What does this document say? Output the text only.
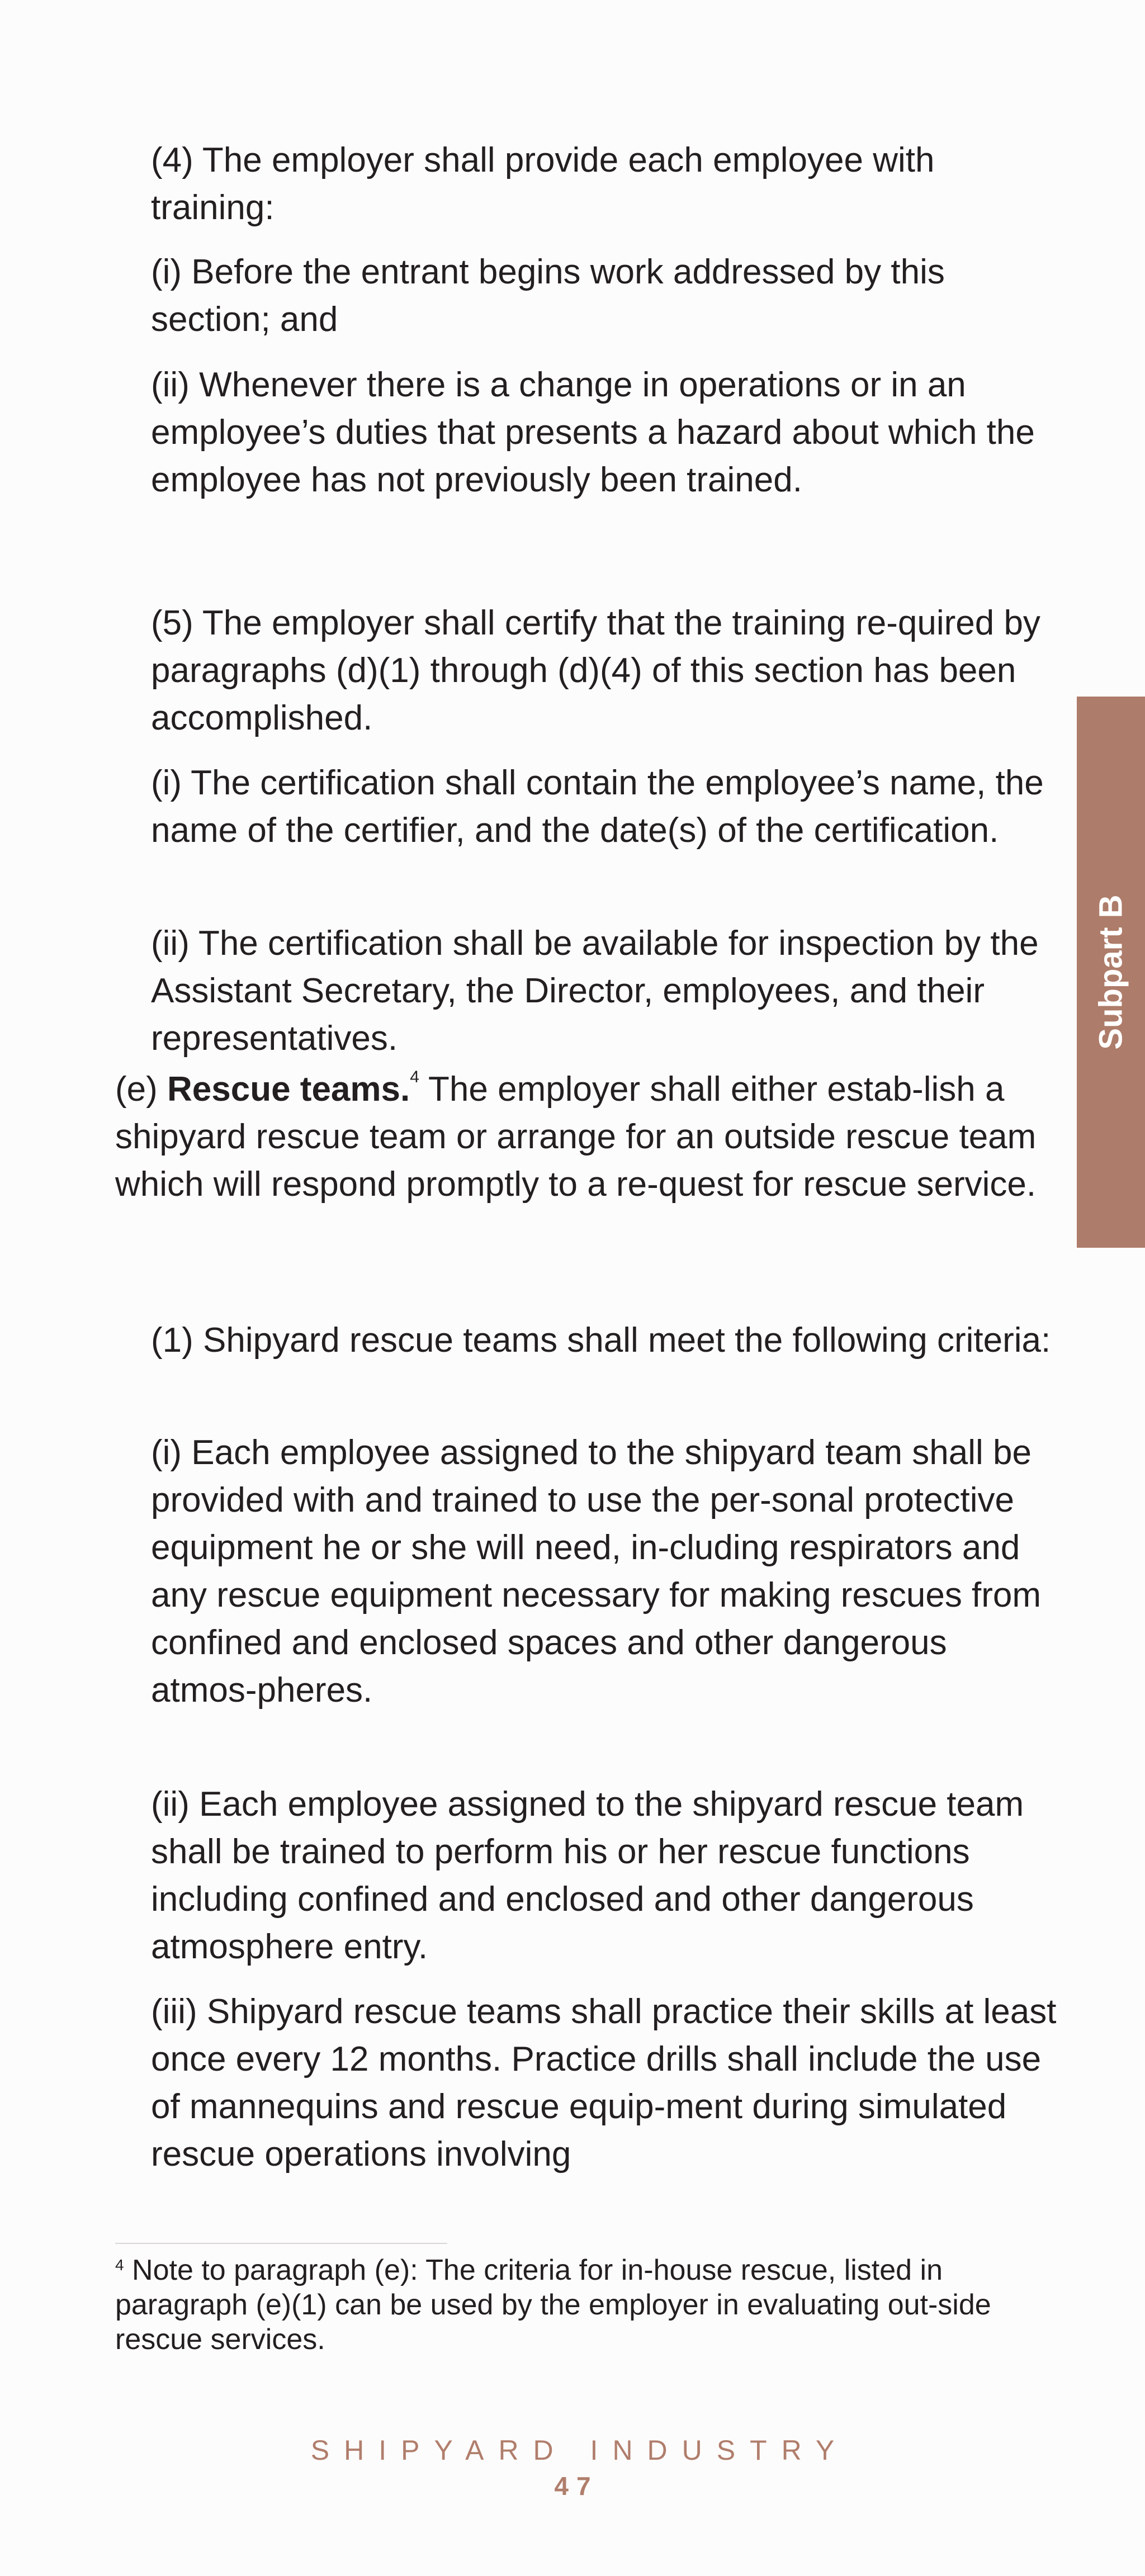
(4) The employer shall provide each employee with training:

(i) Before the entrant begins work addressed by this section; and

(ii) Whenever there is a change in operations or in an employee’s duties that presents a hazard about which the employee has not previously been trained.

(5) The employer shall certify that the training re-quired by paragraphs (d)(1) through (d)(4) of this section has been accomplished.

(i) The certification shall contain the employee’s name, the name of the certifier, and the date(s) of the certification.

(ii) The certification shall be available for inspection by the Assistant Secretary, the Director, employees, and their representatives.

(e) Rescue teams.$^4$ The employer shall either estab-lish a shipyard rescue team or arrange for an outside rescue team which will respond promptly to a re-quest for rescue service.

(1) Shipyard rescue teams shall meet the following criteria:

(i) Each employee assigned to the shipyard team shall be provided with and trained to use the per-sonal protective equipment he or she will need, in-cluding respirators and any rescue equipment necessary for making rescues from confined and enclosed spaces and other dangerous atmos-pheres.

(ii) Each employee assigned to the shipyard rescue team shall be trained to perform his or her rescue functions including confined and enclosed and other dangerous atmosphere entry.

(iii) Shipyard rescue teams shall practice their skills at least once every 12 months. Practice drills shall include the use of mannequins and rescue equip-ment during simulated rescue operations involving

$^4$ Note to paragraph (e): The criteria for in-house rescue, listed in paragraph (e)(1) can be used by the employer in evaluating out-side rescue services.

Subpart B
SHIPYARD INDUSTRY
47
